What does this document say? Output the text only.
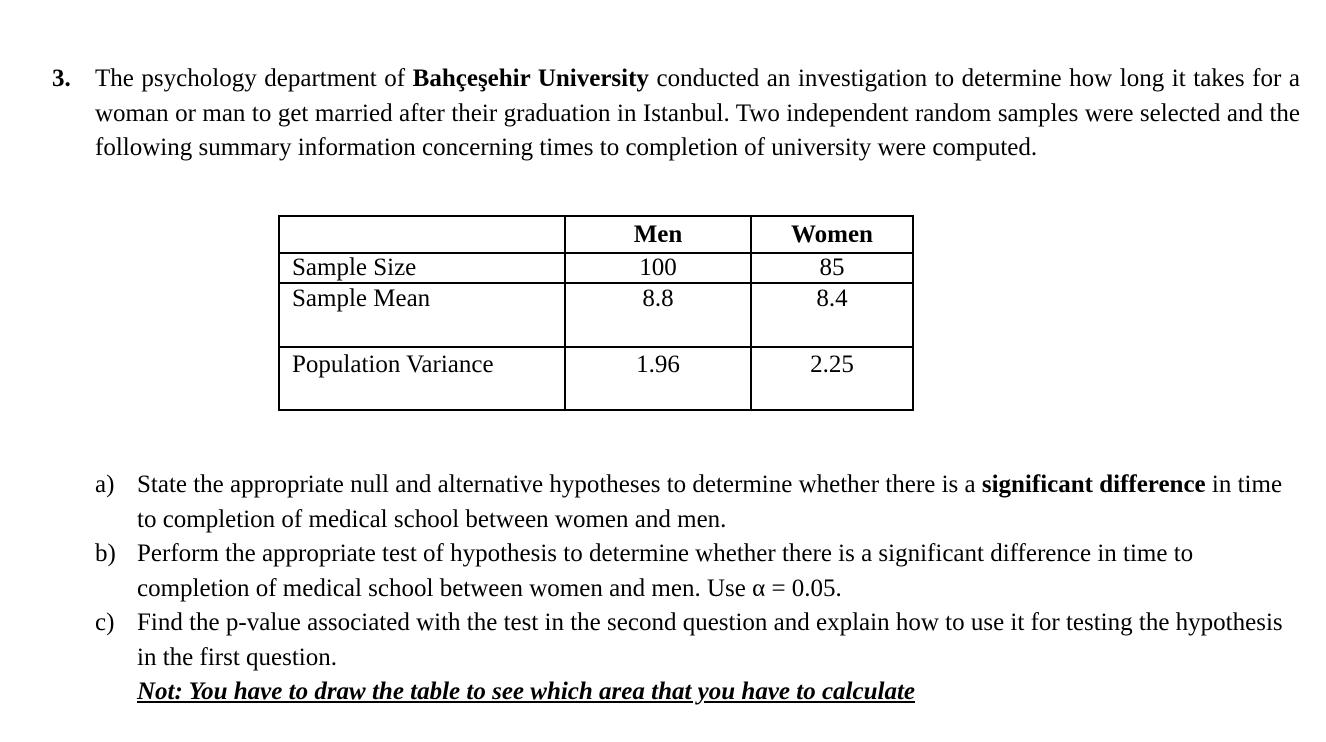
3. The psychology department of Bahçeşehir University conducted an investigation to determine how long it takes for a woman or man to get married after their graduation in Istanbul. Two independent random samples were selected and the following summary information concerning times to completion of university were computed.
	Men	Women
Sample Size	100	85
Sample Mean	8.8	8.4
Population Variance	1.96	2.25
a) State the appropriate null and alternative hypotheses to determine whether there is a significant difference in time to completion of medical school between women and men.
b) Perform the appropriate test of hypothesis to determine whether there is a significant difference in time to completion of medical school between women and men. Use α = 0.05.
c) Find the p-value associated with the test in the second question and explain how to use it for testing the hypothesis in the first question.
Not: You have to draw the table to see which area that you have to calculate
